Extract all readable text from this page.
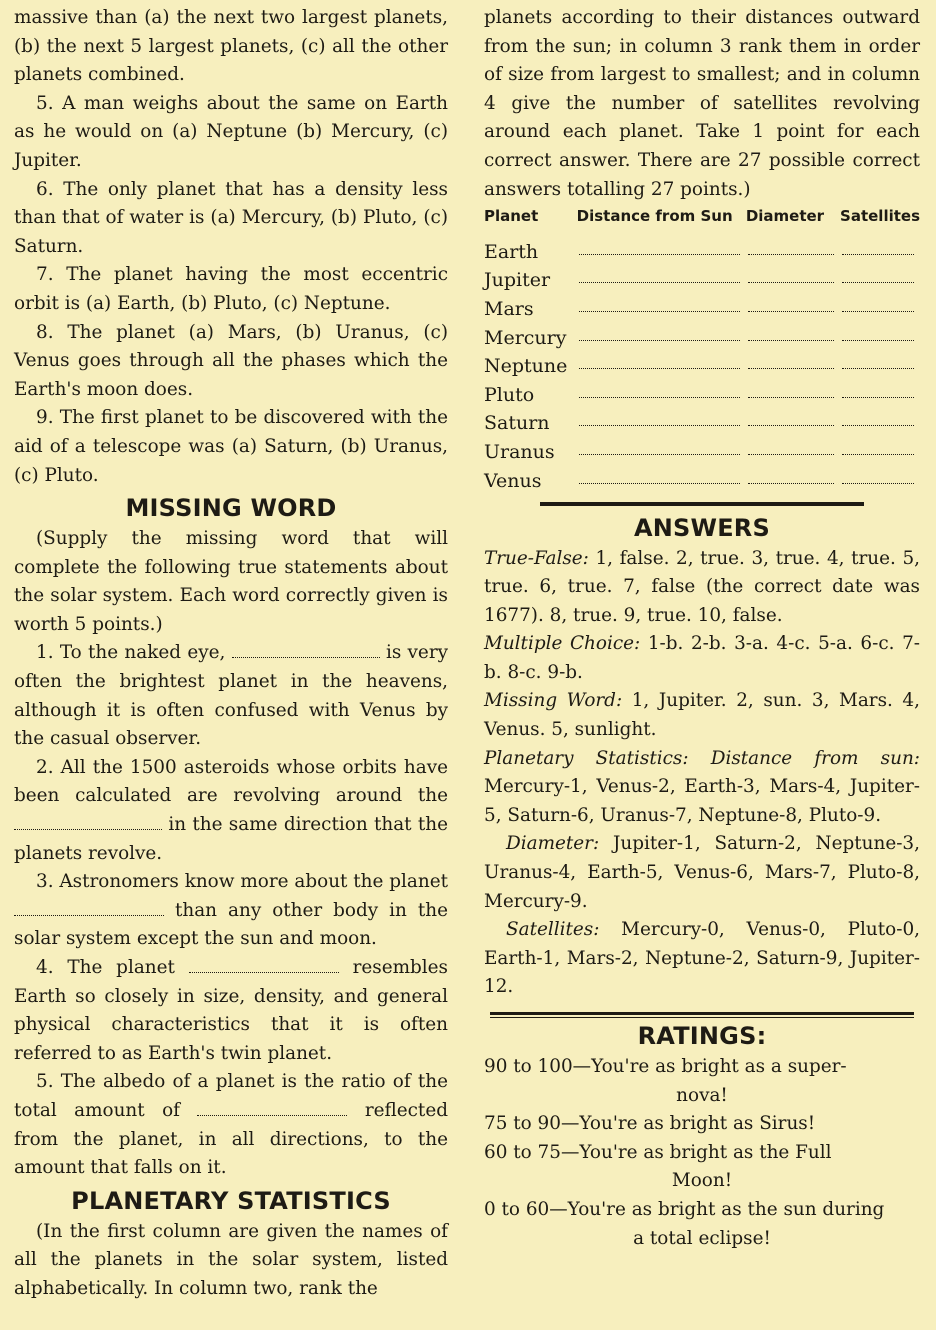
massive than (a) the next two largest planets, (b) the next 5 largest planets, (c) all the other planets combined.

5. A man weighs about the same on Earth as he would on (a) Neptune (b) Mercury, (c) Jupiter.

6. The only planet that has a density less than that of water is (a) Mercury, (b) Pluto, (c) Saturn.

7. The planet having the most eccentric orbit is (a) Earth, (b) Pluto, (c) Neptune.

8. The planet (a) Mars, (b) Uranus, (c) Venus goes through all the phases which the Earth's moon does.

9. The first planet to be discovered with the aid of a telescope was (a) Saturn, (b) Uranus, (c) Pluto.

MISSING WORD

(Supply the missing word that will complete the following true statements about the solar system. Each word correctly given is worth 5 points.)

1. To the naked eye,	is very often the brightest planet in the heavens, although it is often confused with Venus by the casual observer.

2. All the 1500 asteroids whose orbits have been calculated are revolving around the  in the same direction that the planets revolve.

3. Astronomers know more about the planet  than any other body in the solar system except the sun and moon.

4. The planet	resembles Earth so closely in size, density, and general physical characteristics that it is often referred to as Earth's twin planet.

5. The albedo of a planet is the ratio of the total amount of	reflected from the planet, in all directions, to the amount that falls on it.

PLANETARY STATISTICS

(In the first column are given the names of all the planets in the solar system, listed alphabetically. In column two, rank the

planets according to their distances outward from the sun; in column 3 rank them in order of size from largest to smallest; and in column 4 give the number of satellites revolving around each planet. Take 1 point for each correct answer. There are 27 possible correct answers totalling 27 points.)

Planet	Distance from Sun	Diameter	Satellites
Earth	

Jupiter	

Mars	

Mercury	

Neptune	

Pluto	

Saturn	

Uranus	

Venus	

ANSWERS

True-False: 1, false. 2, true. 3, true. 4, true. 5, true. 6, true. 7, false (the correct date was 1677). 8, true. 9, true. 10, false.

Multiple Choice: 1-b. 2-b. 3-a. 4-c. 5-a. 6-c. 7-b. 8-c. 9-b.

Missing Word: 1, Jupiter. 2, sun. 3, Mars. 4, Venus. 5, sunlight.

Planetary Statistics: Distance from sun: Mercury-1, Venus-2, Earth-3, Mars-4, Jupiter-5, Saturn-6, Uranus-7, Neptune-8, Pluto-9.

Diameter: Jupiter-1, Saturn-2, Neptune-3, Uranus-4, Earth-5, Venus-6, Mars-7, Pluto-8, Mercury-9.

Satellites: Mercury-0, Venus-0, Pluto-0, Earth-1, Mars-2, Neptune-2, Saturn-9, Jupiter-12.

RATINGS:

90 to 100—You're as bright as a super-
nova!

75 to 90—You're as bright as Sirus!

60 to 75—You're as bright as the Full
Moon!

0 to 60—You're as bright as the sun during
a total eclipse!
